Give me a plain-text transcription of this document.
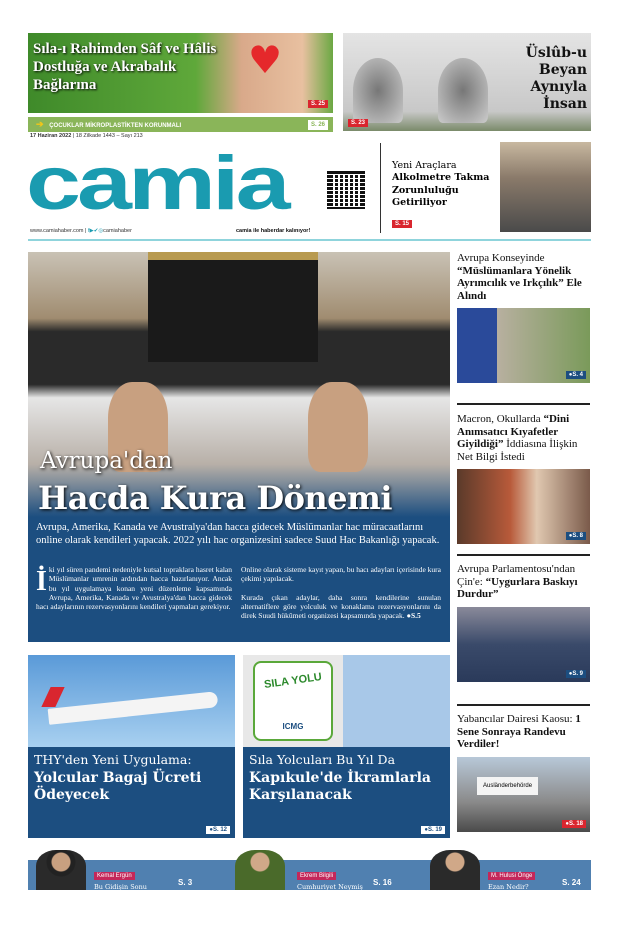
♥
Sıla-ı Rahimden Sâf ve Hâlis Dostluğa ve Akrabalık Bağlarına
S. 25
➔ ÇOCUKLAR MİKROPLASTİKTEN KORUNMALI	S. 26
Üslûb-u Beyan Aynıyla İnsan
S. 23
17 Haziran 2022 | 18 Zilkade 1443 – Sayı 213
camia
www.camiahaber.com | f▶✔◎camiahaber	camia ile haberdar kalınıyor!
Yeni Araçlara
Alkolmetre Takma Zorunluluğu Getiriliyor
S. 15
Avrupa'dan
Hacda Kura Dönemi
Avrupa, Amerika, Kanada ve Avustralya'dan hacca gidecek Müslümanlar hac müracaatlarını online olarak kendileri yapacak. 2022 yılı hac organizesini sadece Suud Hac Bakanlığı yapacak.

İki yıl süren pandemi nedeniyle kutsal topraklara hasret kalan Müslümanlar umrenin ardından hacca hazırlanıyor. Ancak bu yıl uygulamaya konan yeni düzenleme kapsamında Avrupa, Amerika, Kanada ve Avustralya'dan hacca gidecek hacı adaylarının rezervasyonlarını kendileri yapmaları gerekiyor.

Online olarak sisteme kayıt yapan, bu hacı adayları içerisinde kura çekimi yapılacak.

Kurada çıkan adaylar, daha sonra kendilerine sunulan alternatiflere göre yolculuk ve konaklama rezervasyonlarını da direk Suudi hükûmeti organizesi kapsamında yapacak. ●S.5

THY'den Yeni Uygulama:
Yolcular Bagaj Ücreti Ödeyecek
●S. 12
SILA YOLU
ICMG
Sıla Yolcuları Bu Yıl Da
Kapıkule'de İkramlarla Karşılanacak
●S. 19
Avrupa Konseyinde “Müslümanlara Yönelik Ayrımcılık ve Irkçılık” Ele Alındı
●S. 4
Macron, Okullarda “Dini Anımsatıcı Kıyafetler Giyildiği” İddiasına İlişkin Net Bilgi İstedi
●S. 8
Avrupa Parlamentosu'ndan Çin'e: “Uygurlara Baskıyı Durdur”
●S. 9
Yabancılar Dairesi Kaosu: 1 Sene Sonraya Randevu Verdiler!
Ausländerbehörde
●S. 18
Kemal Ergün
Bu Gidişin Sonu Neresi?
S. 3
Ekrem Bilgili
Cumhuriyet Neymiş Ne Alır?
S. 16
M. Hulusi Önge
Ezan Nedir? İslamda Yeri Nedir?
S. 24
